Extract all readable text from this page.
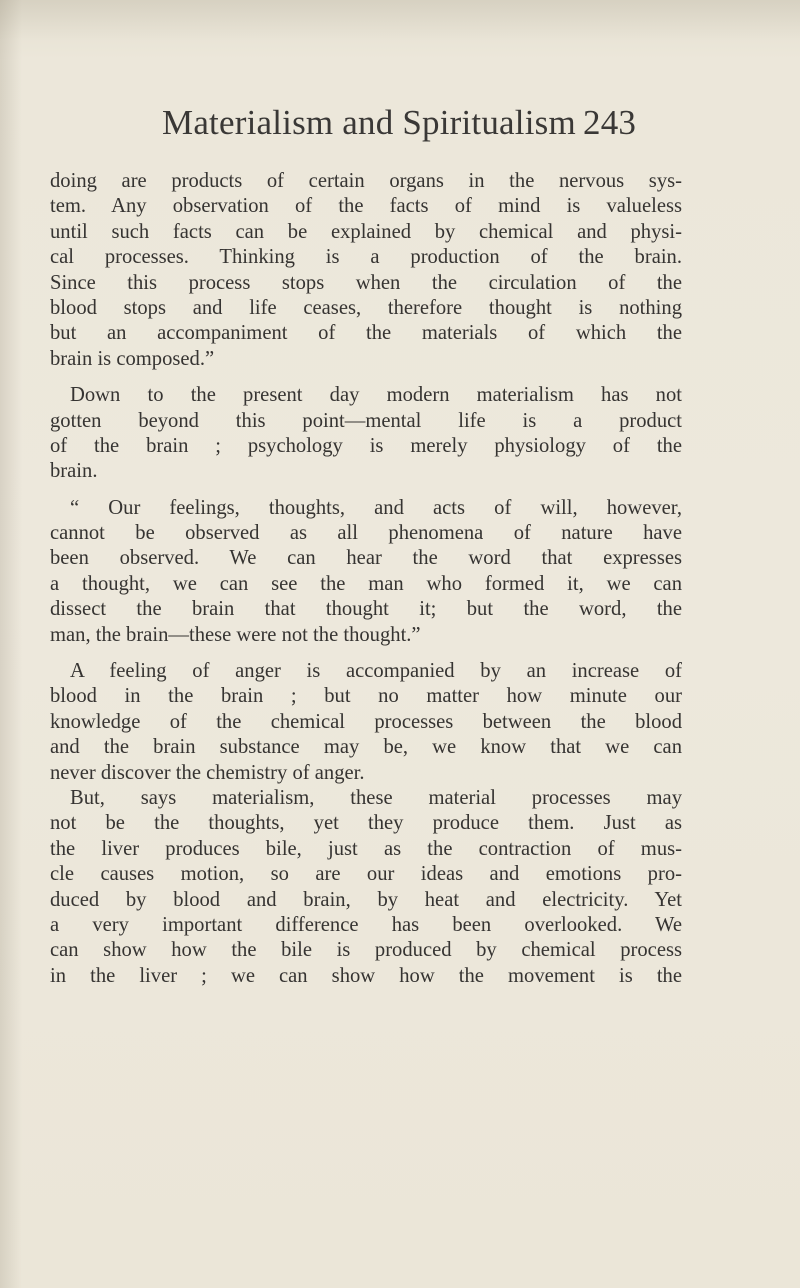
Materialism and Spiritualism 243

doing are products of certain organs in the nervous sys-
tem. Any observation of the facts of mind is valueless
until such facts can be explained by chemical and physi-
cal processes. Thinking is a production of the brain.
Since this process stops when the circulation of the
blood stops and life ceases, therefore thought is nothing
but an accompaniment of the materials of which the
brain is composed.”

Down to the present day modern materialism has not
gotten beyond this point—mental life is a product
of the brain ; psychology is merely physiology of the
brain.

“ Our feelings, thoughts, and acts of will, however,
cannot be observed as all phenomena of nature have
been observed. We can hear the word that expresses
a thought, we can see the man who formed it, we can
dissect the brain that thought it; but the word, the
man, the brain—these were not the thought.”

A feeling of anger is accompanied by an increase of
blood in the brain ; but no matter how minute our
knowledge of the chemical processes between the blood
and the brain substance may be, we know that we can
never discover the chemistry of anger.

But, says materialism, these material processes may
not be the thoughts, yet they produce them. Just as
the liver produces bile, just as the contraction of mus-
cle causes motion, so are our ideas and emotions pro-
duced by blood and brain, by heat and electricity. Yet
a very important difference has been overlooked. We
can show how the bile is produced by chemical process
in the liver ; we can show how the movement is the
